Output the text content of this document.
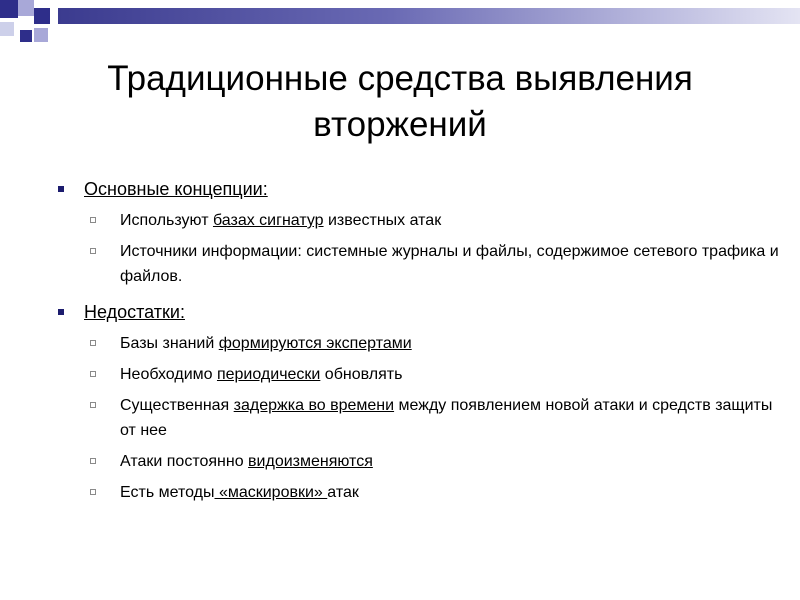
Традиционные средства выявления
вторжений
Основные концепции:
Используют базах сигнатур известных атак
Источники информации: системные журналы и файлы, содержимое сетевого трафика и файлов.
Недостатки:
Базы знаний формируются экспертами
Необходимо периодически обновлять
Существенная задержка во времени между появлением новой атаки и средств защиты от нее
Атаки постоянно видоизменяются
Есть методы «маскировки» атак
